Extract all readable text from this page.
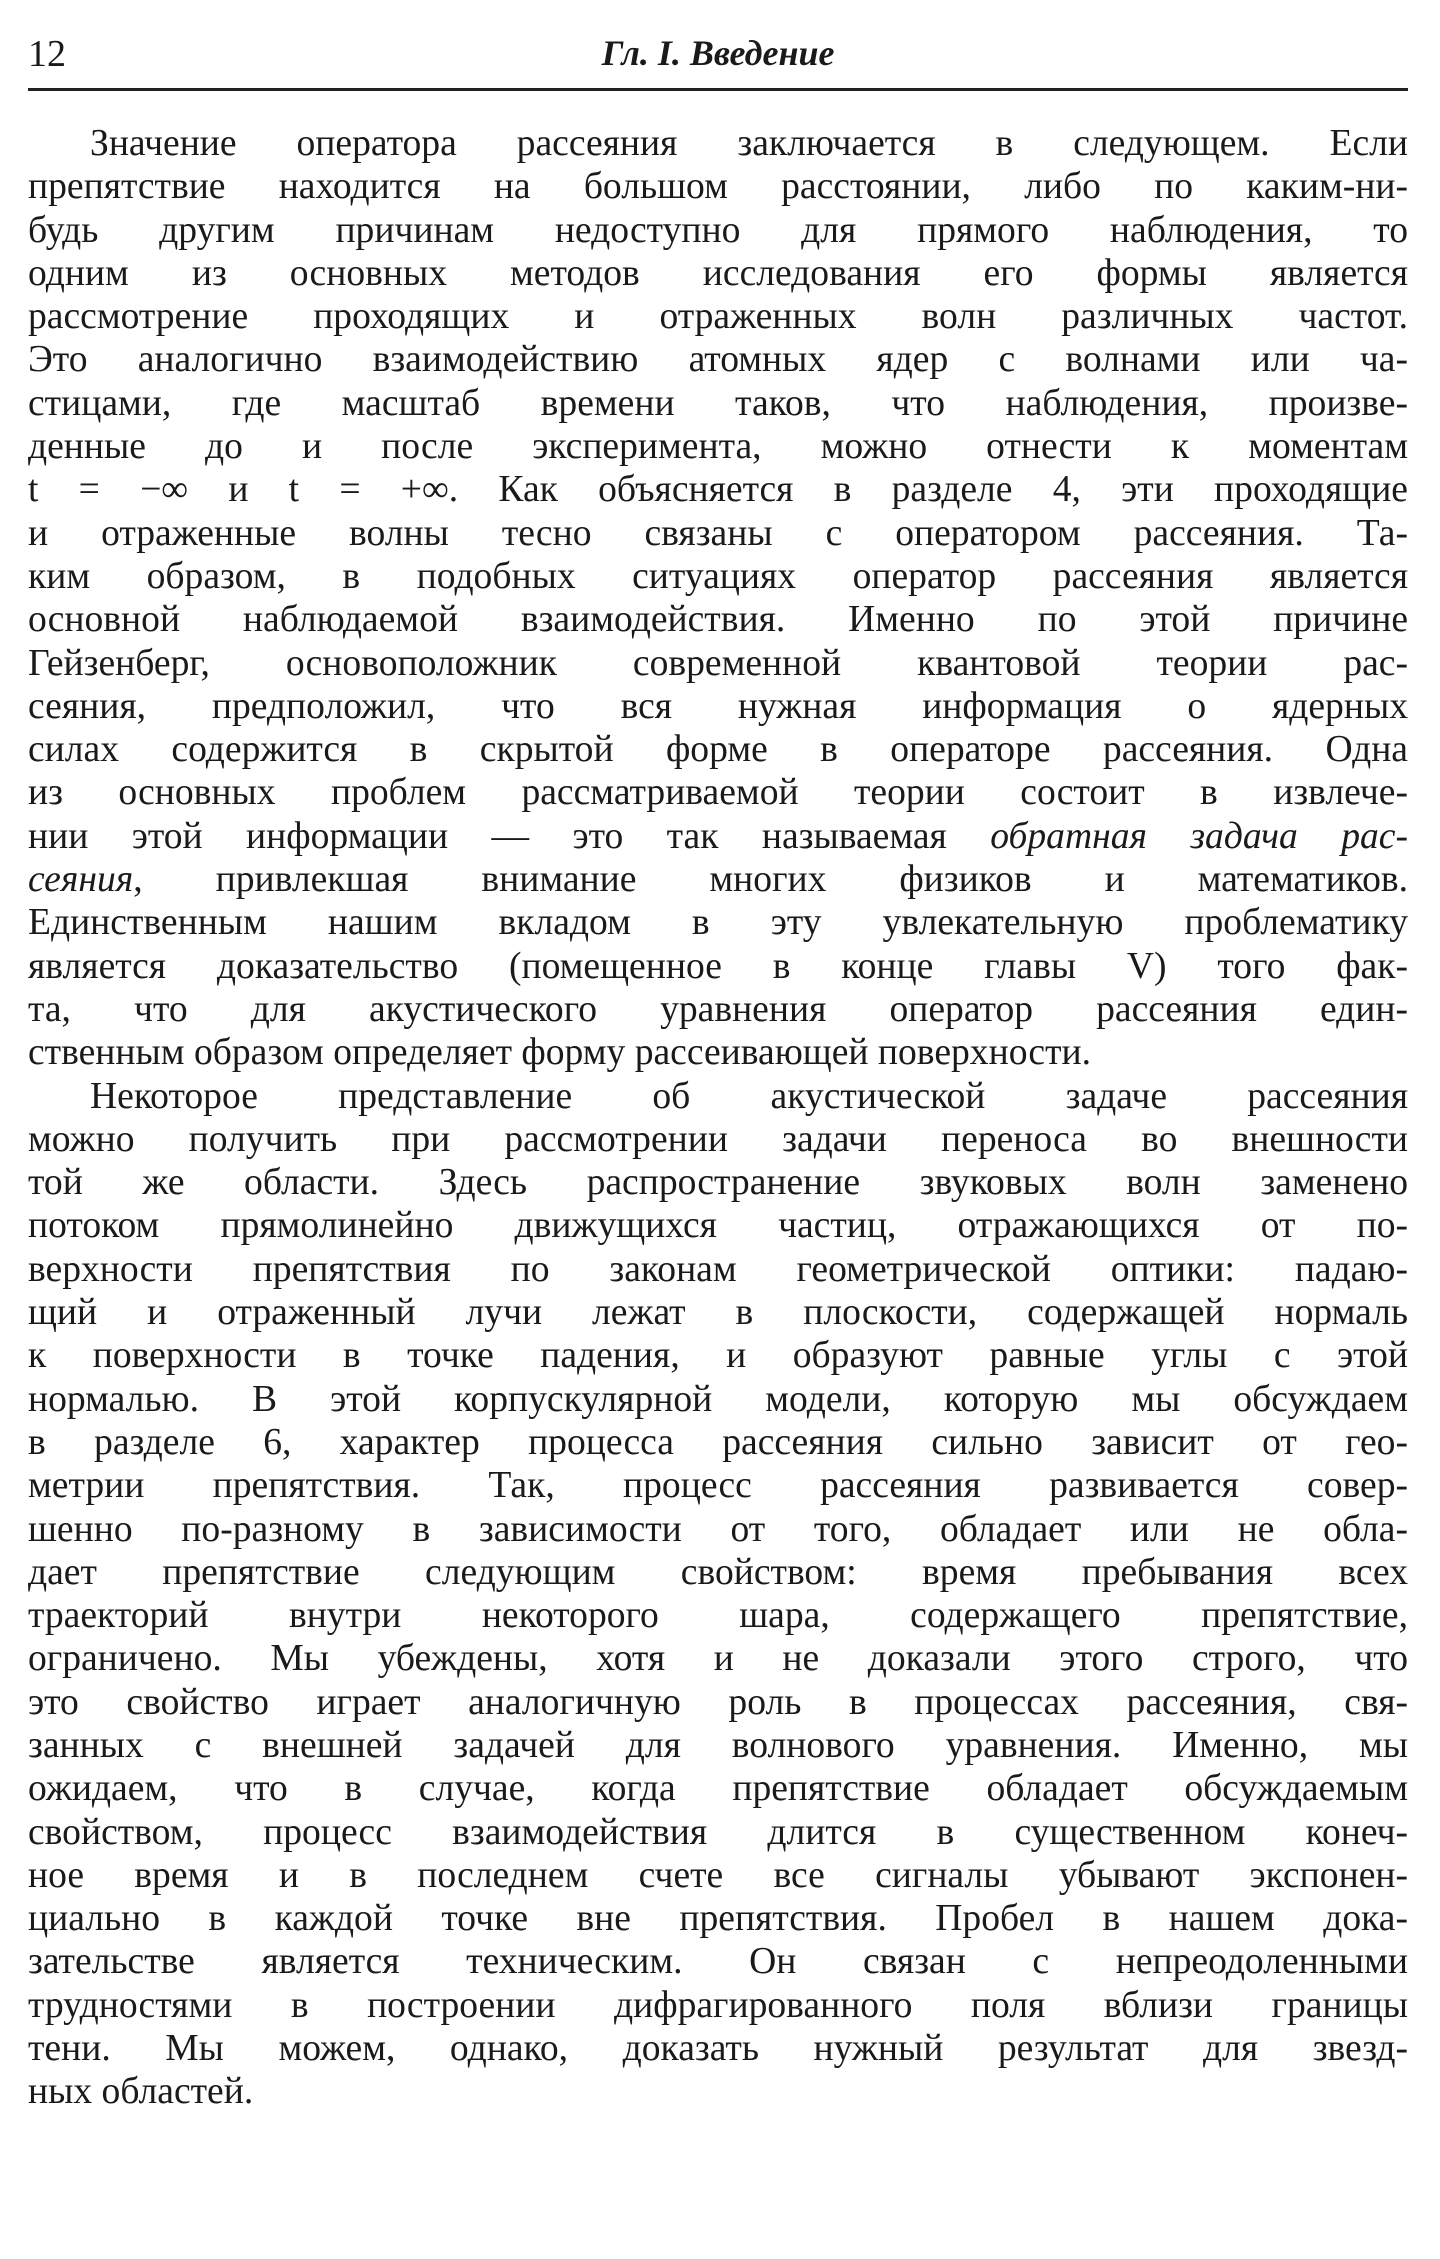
12	Гл. I. Введение

Значение оператора рассеяния заключается в следующем. Если
препятствие находится на большом расстоянии, либо по каким-ни-
будь другим причинам недоступно для прямого наблюдения, то
одним из основных методов исследования его формы является
рассмотрение проходящих и отраженных волн различных частот.
Это аналогично взаимодействию атомных ядер с волнами или ча-
стицами, где масштаб времени таков, что наблюдения, произве-
денные до и после эксперимента, можно отнести к моментам
t = −∞ и t = +∞. Как объясняется в разделе 4, эти проходящие
и отраженные волны тесно связаны с оператором рассеяния. Та-
ким образом, в подобных ситуациях оператор рассеяния является
основной наблюдаемой взаимодействия. Именно по этой причине
Гейзенберг, основоположник современной квантовой теории рас-
сеяния, предположил, что вся нужная информация о ядерных
силах содержится в скрытой форме в операторе рассеяния. Одна
из основных проблем рассматриваемой теории состоит в извлече-
нии этой информации — это так называемая обратная задача рас-
сеяния, привлекшая внимание многих физиков и математиков.
Единственным нашим вкладом в эту увлекательную проблематику
является доказательство (помещенное в конце главы V) того фак-
та, что для акустического уравнения оператор рассеяния един-
ственным образом определяет форму рассеивающей поверхности.

Некоторое представление об акустической задаче рассеяния
можно получить при рассмотрении задачи переноса во внешности
той же области. Здесь распространение звуковых волн заменено
потоком прямолинейно движущихся частиц, отражающихся от по-
верхности препятствия по законам геометрической оптики: падаю-
щий и отраженный лучи лежат в плоскости, содержащей нормаль
к поверхности в точке падения, и образуют равные углы с этой
нормалью. В этой корпускулярной модели, которую мы обсуждаем
в разделе 6, характер процесса рассеяния сильно зависит от гео-
метрии препятствия. Так, процесс рассеяния развивается совер-
шенно по-разному в зависимости от того, обладает или не обла-
дает препятствие следующим свойством: время пребывания всех
траекторий внутри некоторого шара, содержащего препятствие,
ограничено. Мы убеждены, хотя и не доказали этого строго, что
это свойство играет аналогичную роль в процессах рассеяния, свя-
занных с внешней задачей для волнового уравнения. Именно, мы
ожидаем, что в случае, когда препятствие обладает обсуждаемым
свойством, процесс взаимодействия длится в существенном конеч-
ное время и в последнем счете все сигналы убывают экспонен-
циально в каждой точке вне препятствия. Пробел в нашем дока-
зательстве является техническим. Он связан с непреодоленными
трудностями в построении дифрагированного поля вблизи границы
тени. Мы можем, однако, доказать нужный результат для звезд-
ных областей.
